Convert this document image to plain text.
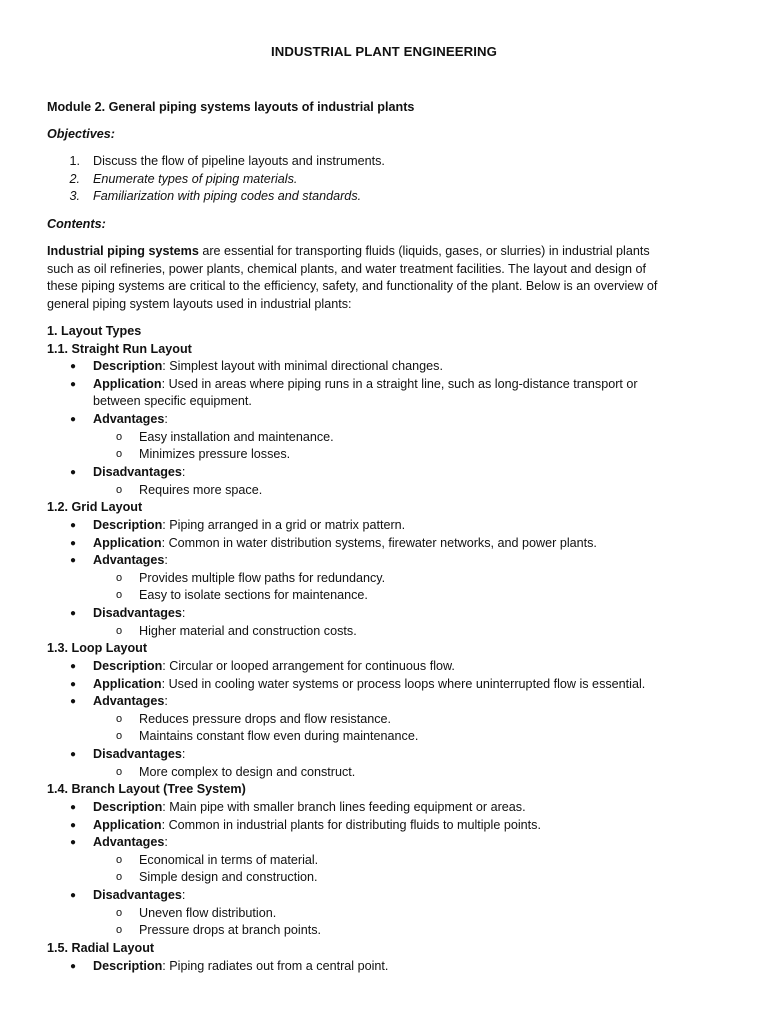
INDUSTRIAL PLANT ENGINEERING
Module 2. General piping systems layouts of industrial plants
Objectives:
1. Discuss the flow of pipeline layouts and instruments.
2. Enumerate types of piping materials.
3. Familiarization with piping codes and standards.
Contents:
Industrial piping systems are essential for transporting fluids (liquids, gases, or slurries) in industrial plants
such as oil refineries, power plants, chemical plants, and water treatment facilities. The layout and design of
these piping systems are critical to the efficiency, safety, and functionality of the plant. Below is an overview of
general piping system layouts used in industrial plants:
1. Layout Types
1.1. Straight Run Layout
● Description: Simplest layout with minimal directional changes.
● Application: Used in areas where piping runs in a straight line, such as long-distance transport or
between specific equipment.
● Advantages:
o Easy installation and maintenance.
o Minimizes pressure losses.
● Disadvantages:
o Requires more space.
1.2. Grid Layout
● Description: Piping arranged in a grid or matrix pattern.
● Application: Common in water distribution systems, firewater networks, and power plants.
● Advantages:
o Provides multiple flow paths for redundancy.
o Easy to isolate sections for maintenance.
● Disadvantages:
o Higher material and construction costs.
1.3. Loop Layout
● Description: Circular or looped arrangement for continuous flow.
● Application: Used in cooling water systems or process loops where uninterrupted flow is essential.
● Advantages:
o Reduces pressure drops and flow resistance.
o Maintains constant flow even during maintenance.
● Disadvantages:
o More complex to design and construct.
1.4. Branch Layout (Tree System)
● Description: Main pipe with smaller branch lines feeding equipment or areas.
● Application: Common in industrial plants for distributing fluids to multiple points.
● Advantages:
o Economical in terms of material.
o Simple design and construction.
● Disadvantages:
o Uneven flow distribution.
o Pressure drops at branch points.
1.5. Radial Layout
● Description: Piping radiates out from a central point.
